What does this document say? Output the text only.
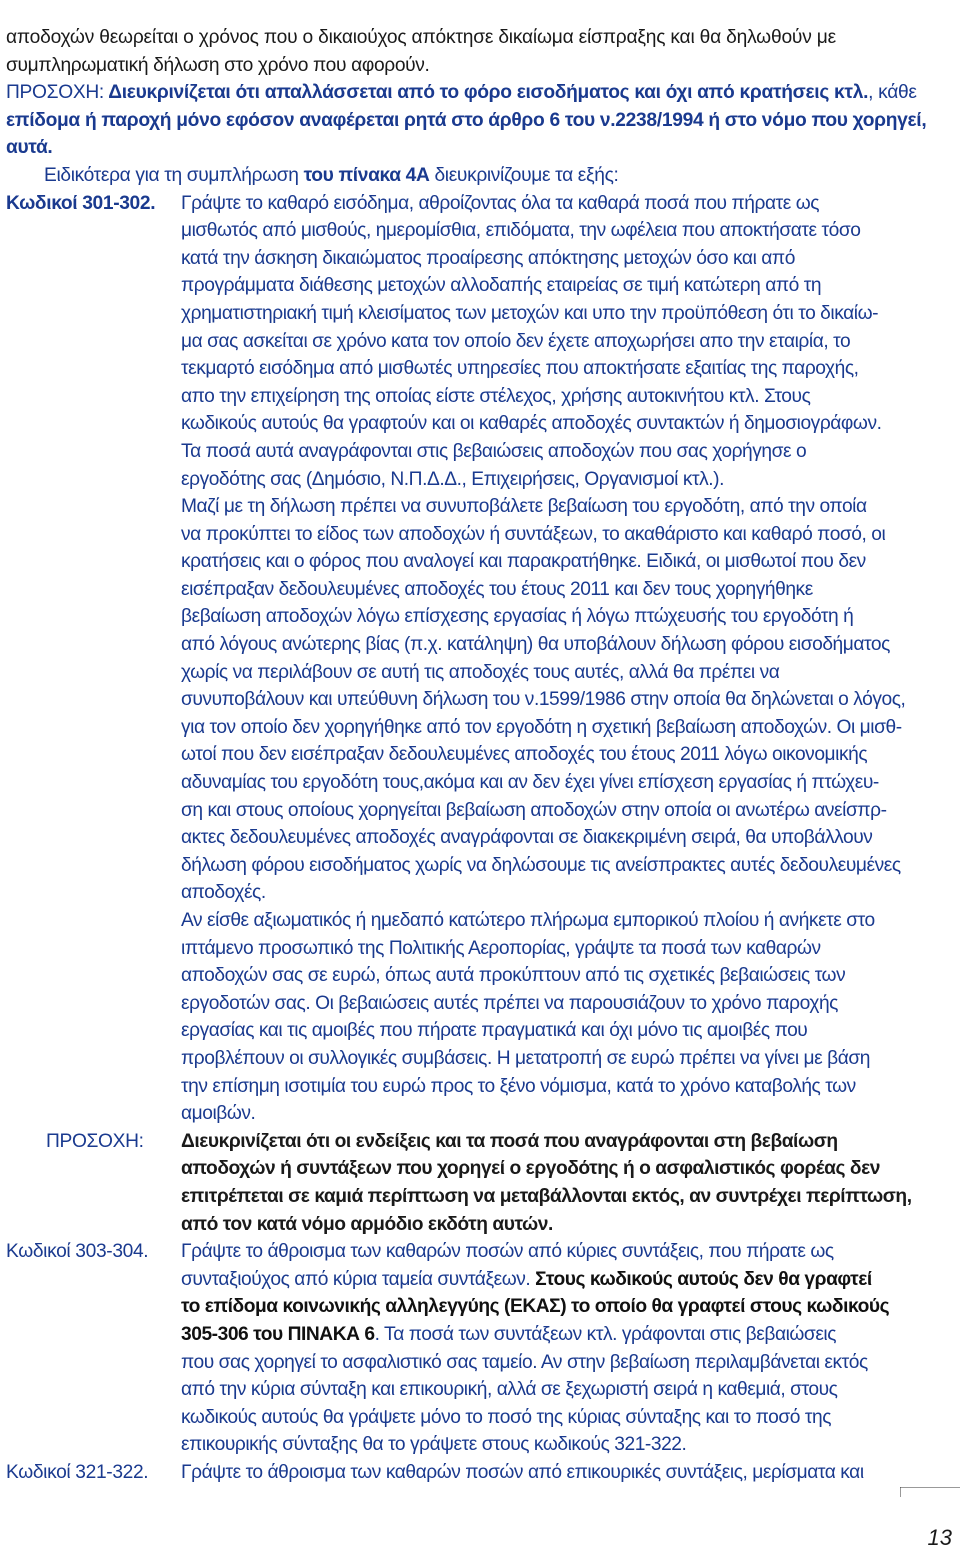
αποδοχών θεωρείται ο χρόνος που ο δικαιούχος απόκτησε δικαίωμα είσπραξης και θα δηλωθούν με
συμπληρωματική δήλωση στο χρόνο που αφορούν.
ΠΡΟΣΟΧΗ: Διευκρινίζεται ότι απαλλάσσεται από το φόρο εισοδήματος και όχι από κρατήσεις κτλ., κάθε
επίδομα ή παροχή μόνο εφόσον αναφέρεται ρητά στο άρθρο 6 του ν.2238/1994 ή στο νόμο που χορηγεί,
αυτά.
Ειδικότερα για τη συμπλήρωση του πίνακα 4Α διευκρινίζουμε τα εξής:
Κωδικοί 301-302.	Γράψτε το καθαρό εισόδημα, αθροίζοντας όλα τα καθαρά ποσά που πήρατε ως
μισθωτός από μισθούς, ημερομίσθια, επιδόματα, την ωφέλεια που αποκτήσατε τόσο
κατά την άσκηση δικαιώματος προαίρεσης απόκτησης μετοχών όσο και από
προγράμματα διάθεσης μετοχών αλλοδαπής εταιρείας σε τιμή κατώτερη από τη
χρηματιστηριακή τιμή κλεισίματος των μετοχών και υπο την προϋπόθεση ότι το δικαίω-
μα σας ασκείται σε χρόνο κατα τον οποίο δεν έχετε αποχωρήσει απο την εταιρία, το
τεκμαρτό εισόδημα από μισθωτές υπηρεσίες που αποκτήσατε εξαιτίας της παροχής,
απο την επιχείρηση της οποίας είστε στέλεχος, χρήσης αυτοκινήτου κτλ. Στους
κωδικούς αυτούς θα γραφτούν και οι καθαρές αποδοχές συντακτών ή δημοσιογράφων.
Τα ποσά αυτά αναγράφονται στις βεβαιώσεις αποδοχών που σας χορήγησε ο
εργοδότης σας (Δημόσιο, Ν.Π.Δ.Δ., Επιχειρήσεις, Οργανισμοί κτλ.).
Μαζί με τη δήλωση πρέπει να συνυποβάλετε βεβαίωση του εργοδότη, από την οποία
να προκύπτει το είδος των αποδοχών ή συντάξεων, το ακαθάριστο και καθαρό ποσό, οι
κρατήσεις και ο φόρος που αναλογεί και παρακρατήθηκε. Ειδικά, οι μισθωτοί που δεν
εισέπραξαν δεδουλευμένες αποδοχές του έτους 2011 και δεν τους χορηγήθηκε
βεβαίωση αποδοχών λόγω επίσχεσης εργασίας ή λόγω πτώχευσής του εργοδότη ή
από λόγους ανώτερης βίας (π.χ. κατάληψη) θα υποβάλουν δήλωση φόρου εισοδήματος
χωρίς να περιλάβουν σε αυτή τις αποδοχές τους αυτές, αλλά θα πρέπει να
συνυποβάλουν και υπεύθυνη δήλωση του ν.1599/1986 στην οποία θα δηλώνεται ο λόγος,
για τον οποίο δεν χορηγήθηκε από τον εργοδότη η σχετική βεβαίωση αποδοχών. Οι μισθ-
ωτοί που δεν εισέπραξαν δεδουλευμένες αποδοχές του έτους 2011 λόγω οικονομικής
αδυναμίας του εργοδότη τους,ακόμα και αν δεν έχει γίνει επίσχεση εργασίας ή πτώχευ-
ση και στους οποίους χορηγείται βεβαίωση αποδοχών στην οποία οι ανωτέρω ανείσπρ-
ακτες δεδουλευμένες αποδοχές αναγράφονται σε διακεκριμένη σειρά, θα υποβάλλουν
δήλωση φόρου εισοδήματος χωρίς να δηλώσουμε τις ανείσπρακτες αυτές δεδουλευμένες
αποδοχές.
Αν είσθε αξιωματικός ή ημεδαπό κατώτερο πλήρωμα εμπορικού πλοίου ή ανήκετε στο
ιπτάμενο προσωπικό της Πολιτικής Αεροπορίας, γράψτε τα ποσά των καθαρών
αποδοχών σας σε ευρώ, όπως αυτά προκύπτουν από τις σχετικές βεβαιώσεις των
εργοδοτών σας. Οι βεβαιώσεις αυτές πρέπει να παρουσιάζουν το χρόνο παροχής
εργασίας και τις αμοιβές που πήρατε πραγματικά και όχι μόνο τις αμοιβές που
προβλέπουν οι συλλογικές συμβάσεις. Η μετατροπή σε ευρώ πρέπει να γίνει με βάση
την επίσημη ισοτιμία του ευρώ προς το ξένο νόμισμα, κατά το χρόνο καταβολής των
αμοιβών.
ΠΡΟΣΟΧΗ:	Διευκρινίζεται ότι οι ενδείξεις και τα ποσά που αναγράφονται στη βεβαίωση
αποδοχών ή συντάξεων που χορηγεί ο εργοδότης ή ο ασφαλιστικός φορέας δεν
επιτρέπεται σε καμιά περίπτωση να μεταβάλλονται εκτός, αν συντρέχει περίπτωση,
από τον κατά νόμο αρμόδιο εκδότη αυτών.
Κωδικοί 303-304.	Γράψτε το άθροισμα των καθαρών ποσών από κύριες συντάξεις, που πήρατε ως
συνταξιούχος από κύρια ταμεία συντάξεων. Στους κωδικούς αυτούς δεν θα γραφτεί
το επίδομα κοινωνικής αλληλεγγύης (ΕΚΑΣ) το οποίο θα γραφτεί στους κωδικούς
305-306 του ΠΙΝΑΚΑ 6. Τα ποσά των συντάξεων κτλ. γράφονται στις βεβαιώσεις
που σας χορηγεί το ασφαλιστικό σας ταμείο. Αν στην βεβαίωση περιλαμβάνεται εκτός
από την κύρια σύνταξη και επικουρική, αλλά σε ξεχωριστή σειρά η καθεμιά, στους
κωδικούς αυτούς θα γράψετε μόνο το ποσό της κύριας σύνταξης και το ποσό της
επικουρικής σύνταξης θα το γράψετε στους κωδικούς 321-322.
Κωδικοί 321-322.	Γράψτε το άθροισμα των καθαρών ποσών από επικουρικές συντάξεις, μερίσματα και
13
